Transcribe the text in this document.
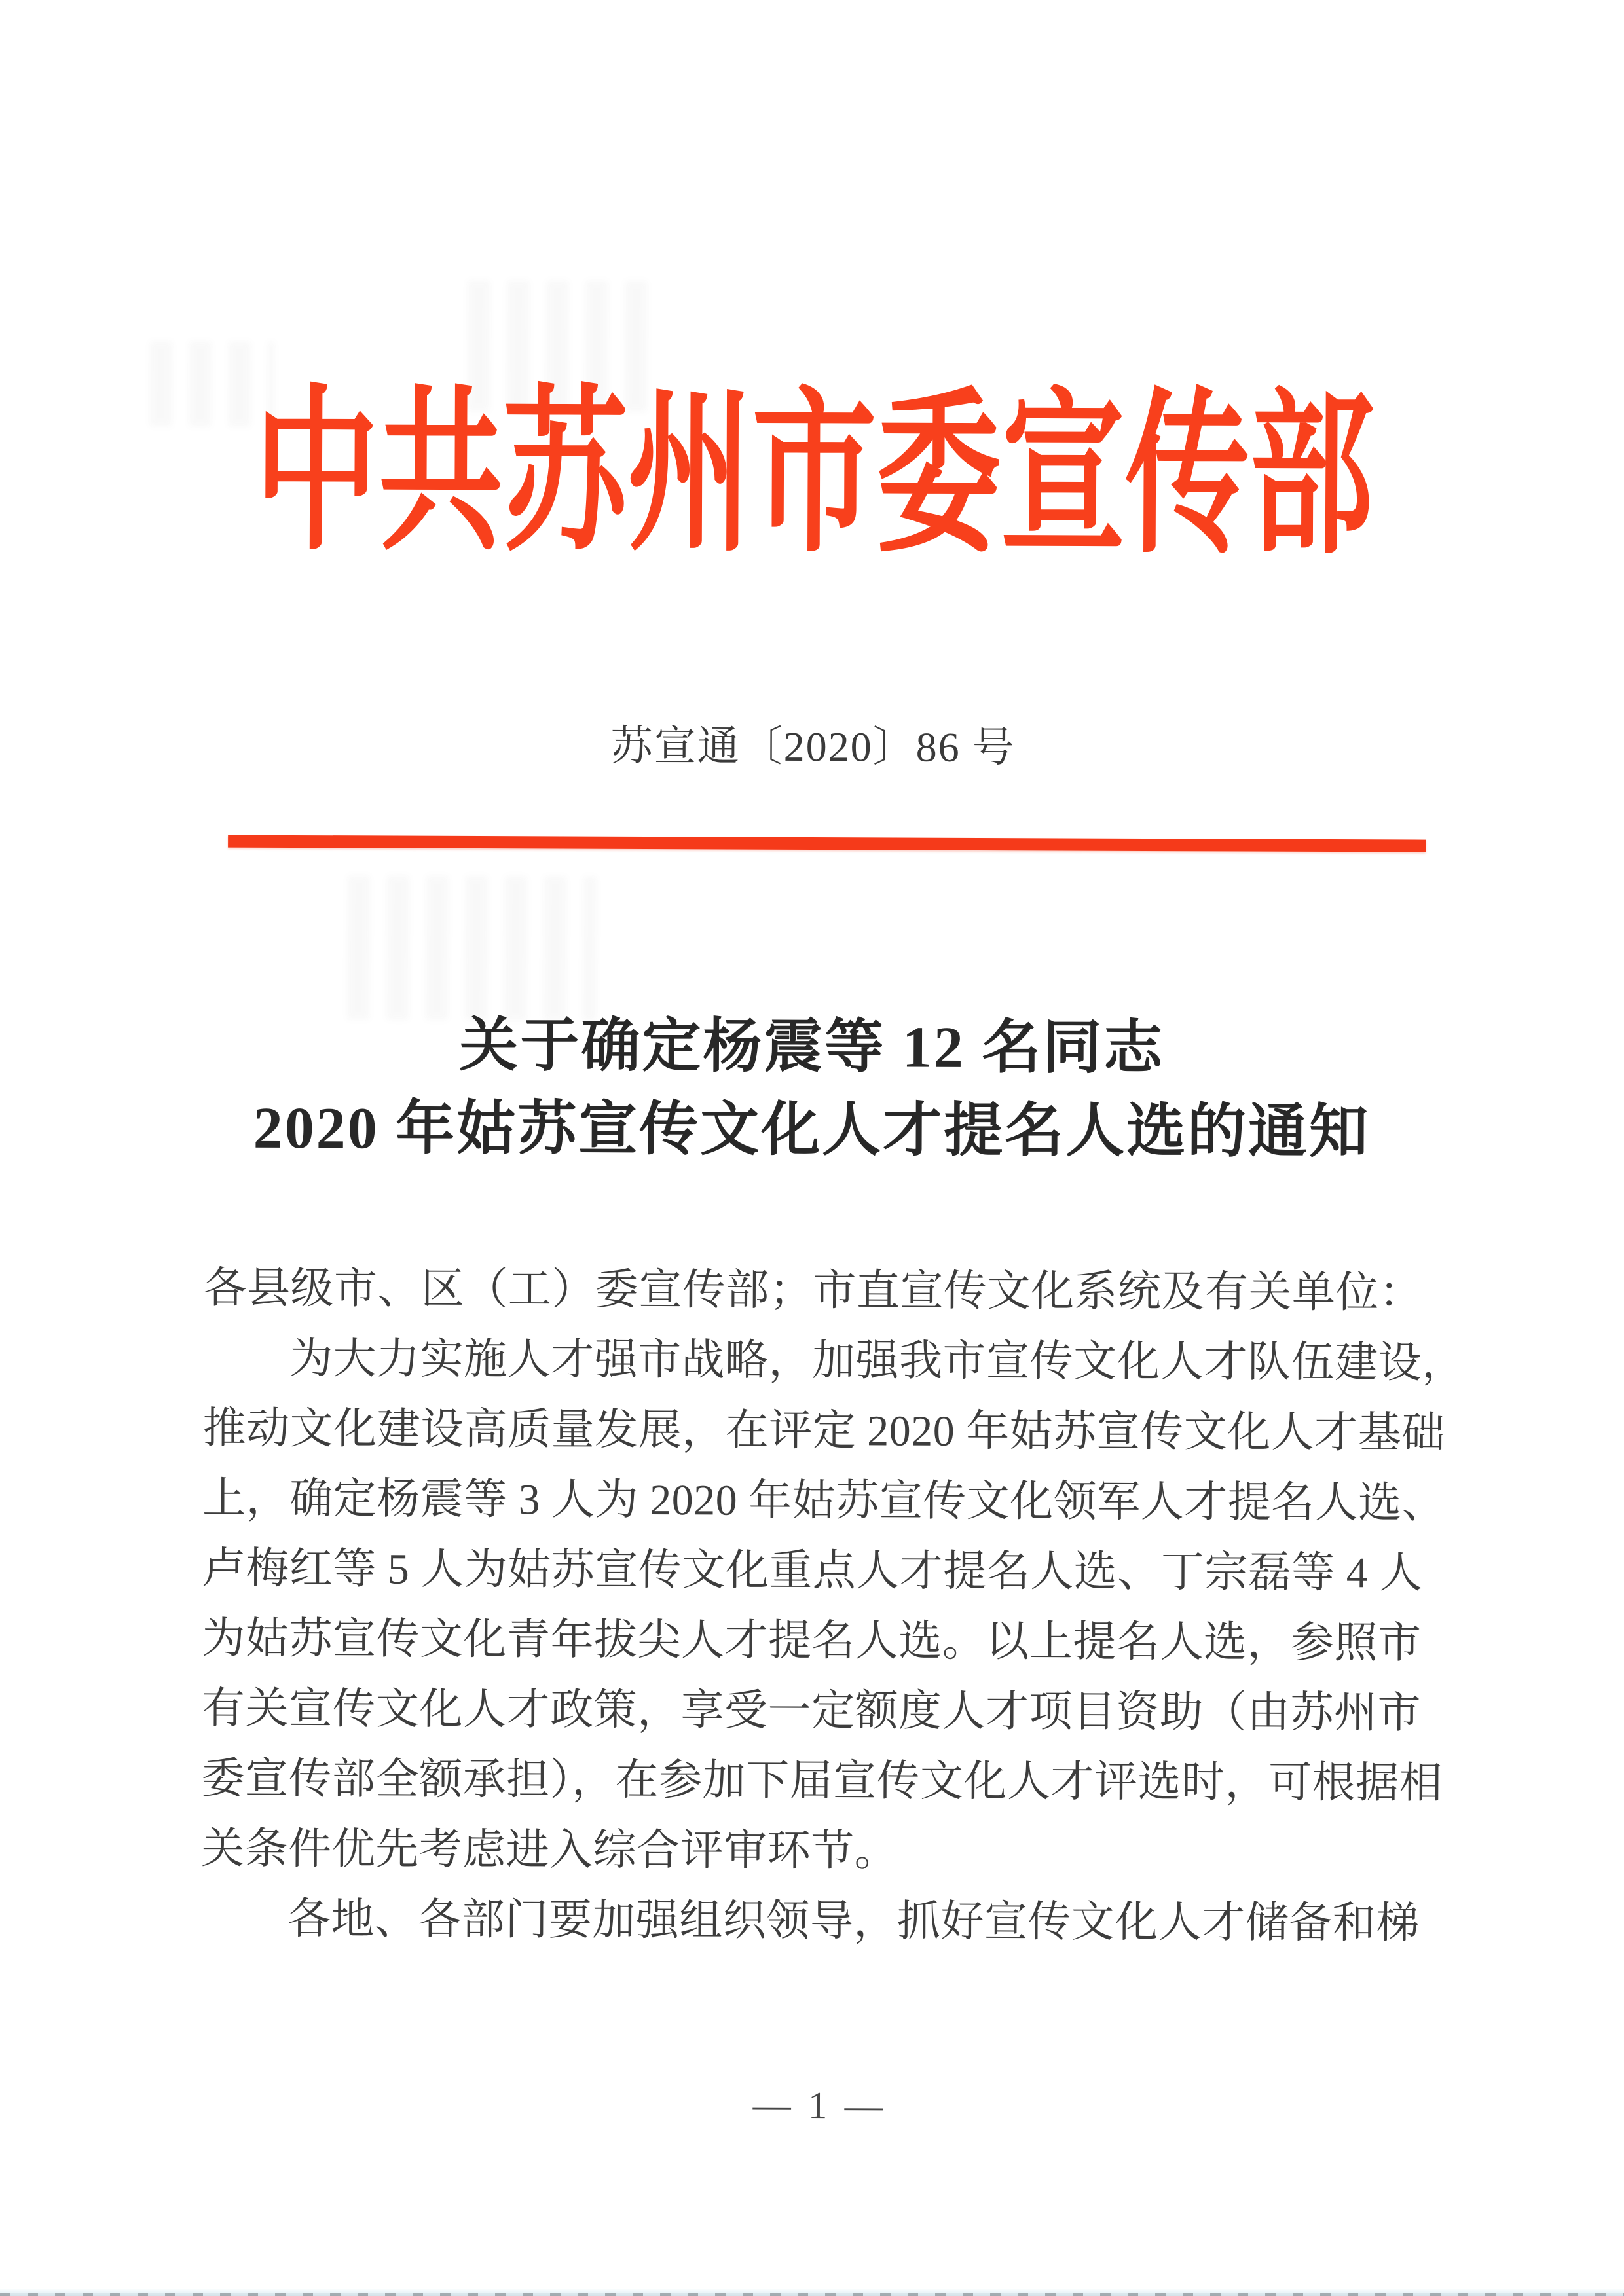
中共苏州市委宣传部
苏宣通〔2020〕86 号
关于确定杨震等 12 名同志
2020 年姑苏宣传文化人才提名人选的通知
各县级市、区（工）委宣传部；市直宣传文化系统及有关单位：
为大力实施人才强市战略，加强我市宣传文化人才队伍建设，
推动文化建设高质量发展，在评定 2020 年姑苏宣传文化人才基础
上，确定杨震等 3 人为 2020 年姑苏宣传文化领军人才提名人选、
卢梅红等 5 人为姑苏宣传文化重点人才提名人选、丁宗磊等 4 人
为姑苏宣传文化青年拔尖人才提名人选。以上提名人选，参照市
有关宣传文化人才政策，享受一定额度人才项目资助（由苏州市
委宣传部全额承担），在参加下届宣传文化人才评选时，可根据相
关条件优先考虑进入综合评审环节。
各地、各部门要加强组织领导，抓好宣传文化人才储备和梯
— 1 —
